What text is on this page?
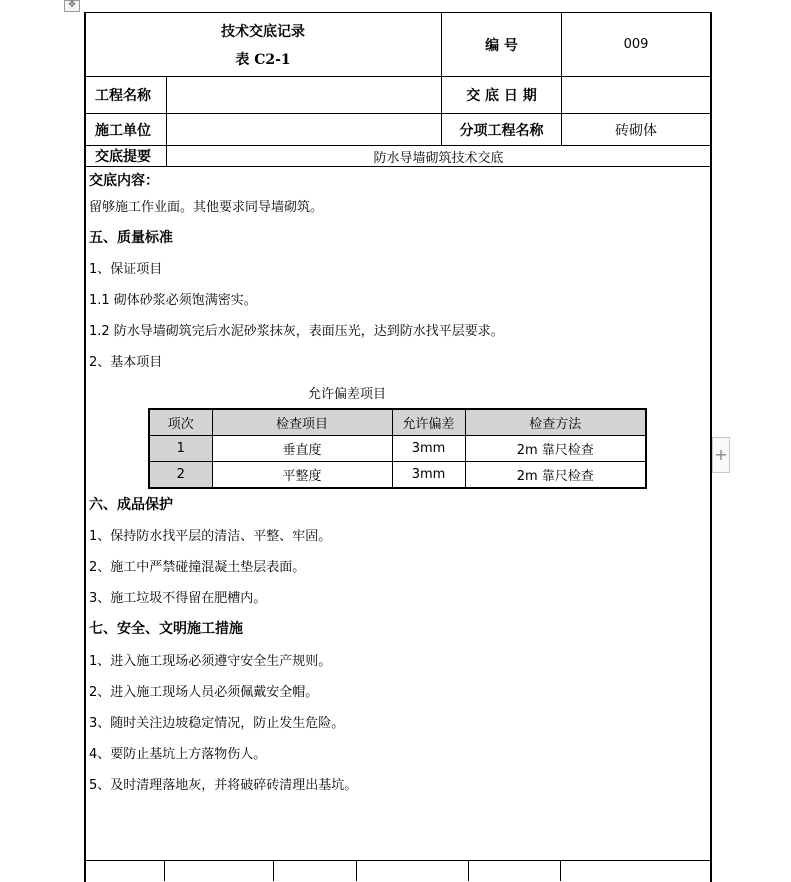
✥
+
技术交底记录
表 C2-1		编 号	009
工程名称		交 底 日 期	
施工单位		分项工程名称	砖砌体
交底提要	防水导墙砌筑技术交底		
交底内容：
留够施工作业面。其他要求同导墙砌筑。
五、质量标准
1、保证项目
1.1 砌体砂浆必须饱满密实。
1.2 防水导墙砌筑完后水泥砂浆抹灰，表面压光，达到防水找平层要求。
2、基本项目
允许偏差项目
六、成品保护
1、保持防水找平层的清洁、平整、牢固。
2、施工中严禁碰撞混凝土垫层表面。
3、施工垃圾不得留在肥槽内。
七、安全、文明施工措施
1、进入施工现场必须遵守安全生产规则。
2、进入施工现场人员必须佩戴安全帽。
3、随时关注边坡稳定情况，防止发生危险。
4、要防止基坑上方落物伤人。
5、及时清理落地灰，并将破碎砖清理出基坑。
项次	检查项目	允许偏差	检查方法
1	垂直度	3mm	2m 靠尺检查
2	平整度	3mm	2m 靠尺检查
